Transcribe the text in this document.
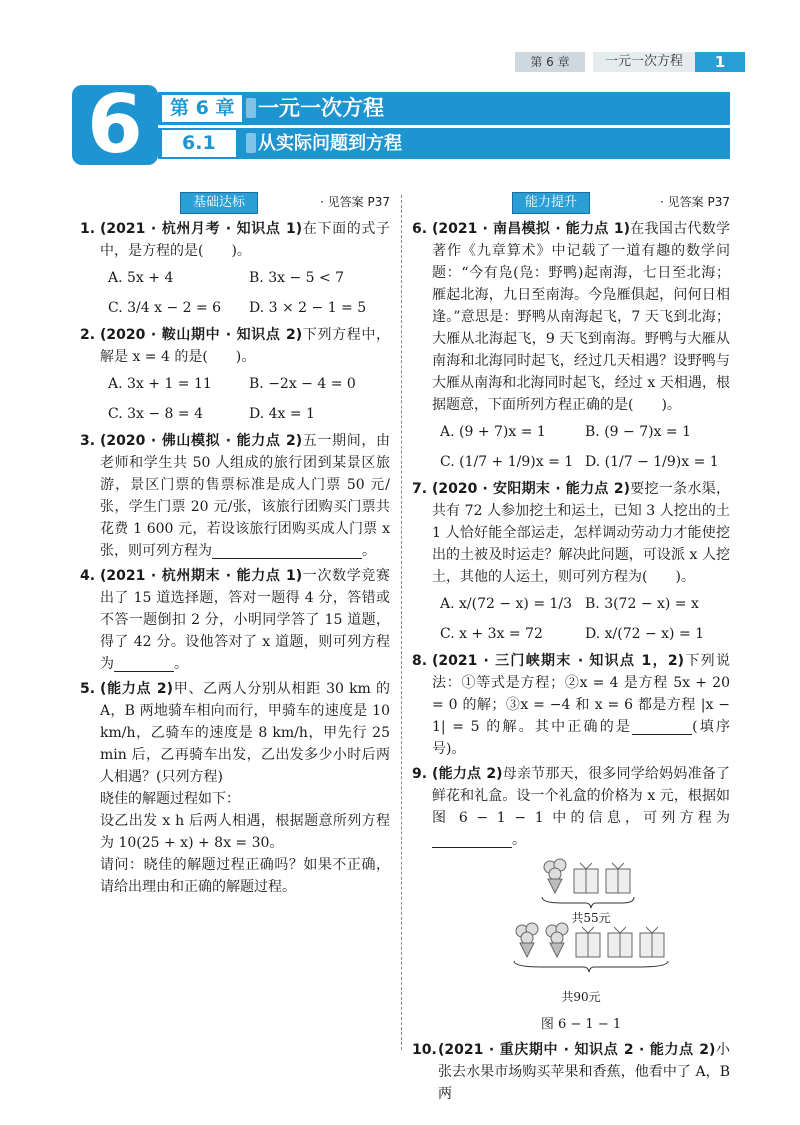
第 6 章	一元一次方程	1
6	第 6 章	一元一次方程
6.1	从实际问题到方程
基础达标	· 见答案 P37
1. (2021 · 杭州月考 · 知识点 1)在下面的式子中，是方程的是(　　)。
A. 5x + 4	B. 3x − 5 < 7
C. 3/4 x − 2 = 6	D. 3 × 2 − 1 = 5
2. (2020 · 鞍山期中 · 知识点 2)下列方程中，解是 x = 4 的是(　　)。
A. 3x + 1 = 11	B. −2x − 4 = 0
C. 3x − 8 = 4	D. 4x = 1
3. (2020 · 佛山模拟 · 能力点 2)五一期间，由老师和学生共 50 人组成的旅行团到某景区旅游，景区门票的售票标准是成人门票 50 元/张，学生门票 20 元/张，该旅行团购买门票共花费 1 600 元，若设该旅行团购买成人门票 x 张，则可列方程为	。
4. (2021 · 杭州期末 · 能力点 1)一次数学竞赛出了 15 道选择题，答对一题得 4 分，答错或不答一题倒扣 2 分，小明同学答了 15 道题，得了 42 分。设他答对了 x 道题，则可列方程为	。
5. (能力点 2)甲、乙两人分别从相距 30 km 的 A，B 两地骑车相向而行，甲骑车的速度是 10 km/h，乙骑车的速度是 8 km/h，甲先行 25 min 后，乙再骑车出发，乙出发多少小时后两人相遇？(只列方程)
晓佳的解题过程如下：
设乙出发 x h 后两人相遇，根据题意所列方程为 10(25 + x) + 8x = 30。
请问：晓佳的解题过程正确吗？如果不正确，请给出理由和正确的解题过程。
能力提升	· 见答案 P37
6. (2021 · 南昌模拟 · 能力点 1)在我国古代数学著作《九章算术》中记载了一道有趣的数学问题：“今有凫(凫：野鸭)起南海，七日至北海；雁起北海，九日至南海。今凫雁俱起，问何日相逢。”意思是：野鸭从南海起飞，7 天飞到北海；大雁从北海起飞，9 天飞到南海。野鸭与大雁从南海和北海同时起飞，经过几天相遇？设野鸭与大雁从南海和北海同时起飞，经过 x 天相遇，根据题意，下面所列方程正确的是(　　)。
A. (9 + 7)x = 1	B. (9 − 7)x = 1
C. (1/7 + 1/9)x = 1 D. (1/7 − 1/9)x = 1
7. (2020 · 安阳期末 · 能力点 2)要挖一条水渠，共有 72 人参加挖土和运土，已知 3 人挖出的土 1 人恰好能全部运走，怎样调动劳动力才能使挖出的土被及时运走？解决此问题，可设派 x 人挖土，其他的人运土，则可列方程为(　　)。
A. x/(72 − x) = 1/3 B. 3(72 − x) = x
C. x + 3x = 72	D. x/(72 − x) = 1
8. (2021 · 三门峡期末 · 知识点 1，2)下列说法：①等式是方程；②x = 4 是方程 5x + 20 = 0 的解；③x = −4 和 x = 6 都是方程 |x − 1| = 5 的解。其中正确的是	(填序号)。
9. (能力点 2)母亲节那天，很多同学给妈妈准备了鲜花和礼盒。设一个礼盒的价格为 x 元，根据如图 6 − 1 − 1 中的信息，可列方程为。
共55元
共90元
图 6 − 1 − 1
10. (2021 · 重庆期中 · 知识点 2 · 能力点 2)小张去水果市场购买苹果和香蕉，他看中了 A，B 两
